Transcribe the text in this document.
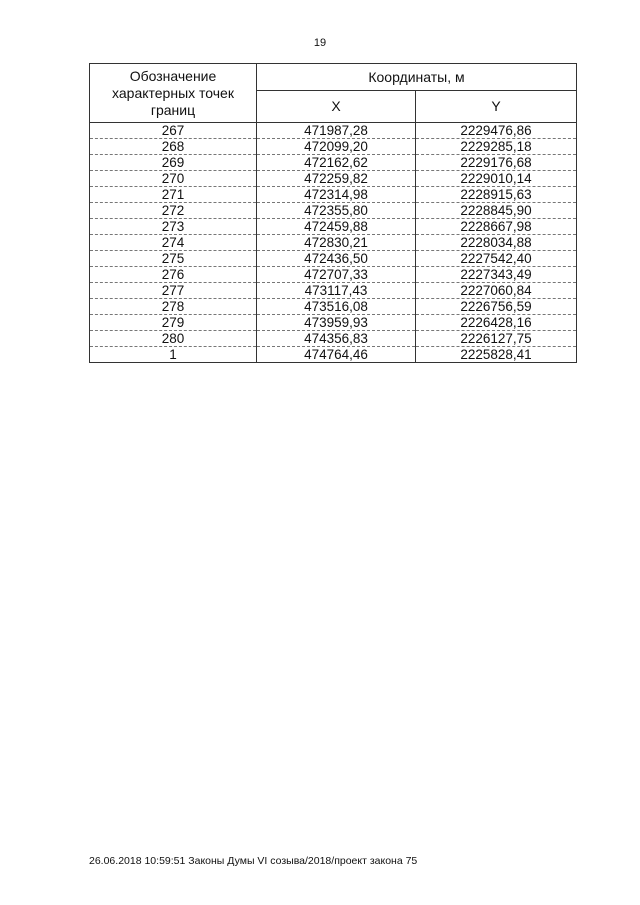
19
Обозначение характерных точек границ	Координаты, м	
	X	Y
267	471987,28	2229476,86
268	472099,20	2229285,18
269	472162,62	2229176,68
270	472259,82	2229010,14
271	472314,98	2228915,63
272	472355,80	2228845,90
273	472459,88	2228667,98
274	472830,21	2228034,88
275	472436,50	2227542,40
276	472707,33	2227343,49
277	473117,43	2227060,84
278	473516,08	2226756,59
279	473959,93	2226428,16
280	474356,83	2226127,75
1	474764,46	2225828,41
26.06.2018 10:59:51 Законы Думы VI созыва/2018/проект закона 75
